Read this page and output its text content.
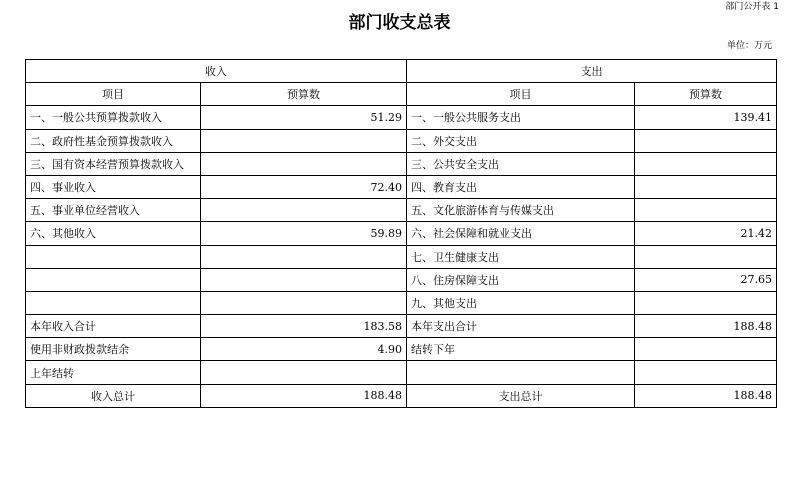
部门公开表 1
部门收支总表
单位：万元
收入		支出	
项目	预算数	项目	预算数
一、一般公共预算拨款收入	51.29	一、一般公共服务支出	139.41
二、政府性基金预算拨款收入		二、外交支出	
三、国有资本经营预算拨款收入		三、公共安全支出	
四、事业收入	72.40	四、教育支出	
五、事业单位经营收入		五、文化旅游体育与传媒支出	
六、其他收入	59.89	六、社会保障和就业支出	21.42
		七、卫生健康支出	
		八、住房保障支出	27.65
		九、其他支出	
本年收入合计	183.58	本年支出合计	188.48
使用非财政拨款结余	4.90	结转下年	
上年结转			
收入总计	188.48	支出总计	188.48
